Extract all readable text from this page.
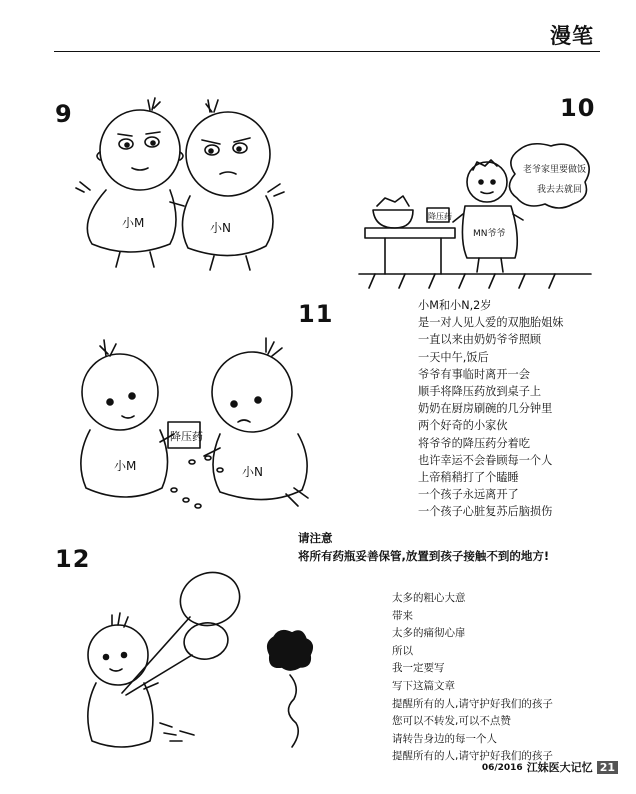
漫笔
9
小M	小N
10
降压药
MN爷爷
老爷家里要做饭
我去去就回
11
小M
降压药
小N
小M和小N,2岁
是一对人见人爱的双胞胎姐妹
一直以来由奶奶爷爷照顾
一天中午,饭后
爷爷有事临时离开一会
顺手将降压药放到桌子上
奶奶在厨房刷碗的几分钟里
两个好奇的小家伙
将爷爷的降压药分着吃
也许幸运不会眷顾每一个人
上帝稍稍打了个瞌睡
一个孩子永远离开了
一个孩子心脏复苏后脑损伤
请注意
将所有药瓶妥善保管,放置到孩子接触不到的地方!
12
太多的粗心大意
带来
太多的痛彻心扉
所以
我一定要写
写下这篇文章
提醒所有的人,请守护好我们的孩子
您可以不转发,可以不点赞
请转告身边的每一个人
提醒所有的人,请守护好我们的孩子
06/2016 江妹医大记忆 21
